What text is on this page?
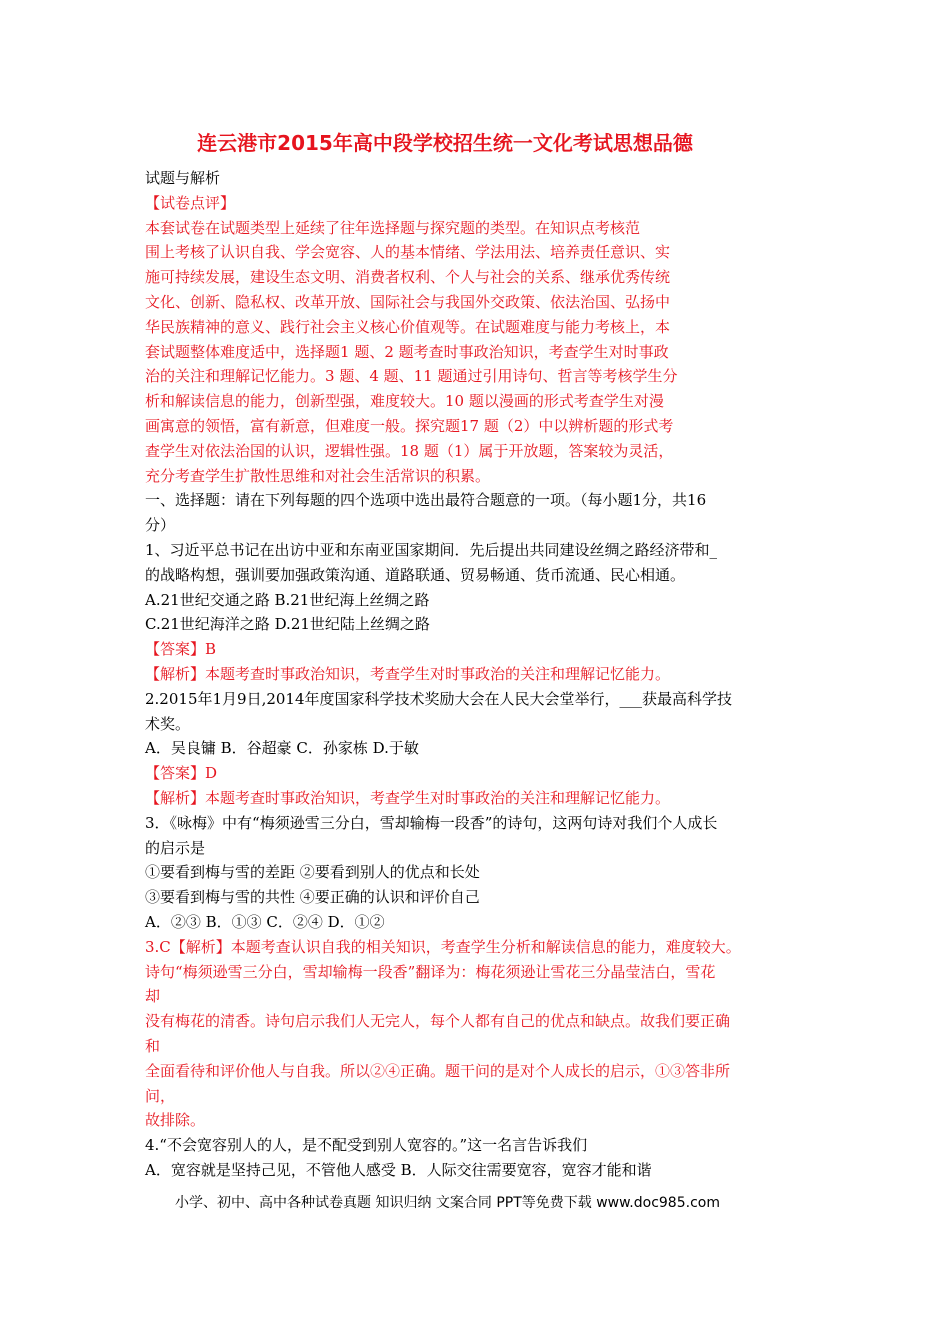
连云港市2015年高中段学校招生统一文化考试思想品德
试题与解析
【试卷点评】
本套试卷在试题类型上延续了往年选择题与探究题的类型。在知识点考核范
围上考核了认识自我、学会宽容、人的基本情绪、学法用法、培养责任意识、实
施可持续发展，建设生态文明、消费者权利、个人与社会的关系、继承优秀传统
文化、创新、隐私权、改革开放、国际社会与我国外交政策、依法治国、弘扬中
华民族精神的意义、践行社会主义核心价值观等。在试题难度与能力考核上，本
套试题整体难度适中，选择题1 题、2 题考查时事政治知识，考查学生对时事政
治的关注和理解记忆能力。3 题、4 题、11 题通过引用诗句、哲言等考核学生分
析和解读信息的能力，创新型强，难度较大。10 题以漫画的形式考查学生对漫
画寓意的领悟，富有新意，但难度一般。探究题17 题（2）中以辨析题的形式考
查学生对依法治国的认识，逻辑性强。18 题（1）属于开放题，答案较为灵活，
充分考查学生扩散性思维和对社会生活常识的积累。
一、选择题：请在下列每题的四个选项中选出最符合题意的一项。（每小题1分，共16
分）
1、习近平总书记在出访中亚和东南亚国家期间．先后提出共同建设丝绸之路经济带和_
的战略构想，强训要加强政策沟通、道路联通、贸易畅通、货币流通、民心相通。
A.21世纪交通之路 B.21世纪海上丝绸之路
C.21世纪海洋之路 D.21世纪陆上丝绸之路
【答案】B
【解析】本题考查时事政治知识，考查学生对时事政治的关注和理解记忆能力。
2.2015年1月9日,2014年度国家科学技术奖励大会在人民大会堂举行，___获最高科学技
术奖。
A．吴良镛 B．谷超豪 C．孙家栋 D.于敏
【答案】D
【解析】本题考查时事政治知识，考查学生对时事政治的关注和理解记忆能力。
3．《咏梅》中有“梅须逊雪三分白，雪却输梅一段香”的诗句，这两句诗对我们个人成长
的启示是
①要看到梅与雪的差距 ②要看到别人的优点和长处
③要看到梅与雪的共性 ④要正确的认识和评价自己
A．②③ B．①③ C．②④ D．①②
3.C【解析】本题考查认识自我的相关知识，考查学生分析和解读信息的能力，难度较大。
诗句“梅须逊雪三分白，雪却输梅一段香”翻译为：梅花须逊让雪花三分晶莹洁白，雪花
却
没有梅花的清香。诗句启示我们人无完人，每个人都有自己的优点和缺点。故我们要正确
和
全面看待和评价他人与自我。所以②④正确。题干问的是对个人成长的启示，①③答非所
问，
故排除。
4.“不会宽容别人的人，是不配受到别人宽容的。”这一名言告诉我们
A．宽容就是坚持己见，不管他人感受 B．人际交往需要宽容，宽容才能和谐
小学、初中、高中各种试卷真题 知识归纳 文案合同 PPT等免费下载 www.doc985.com
